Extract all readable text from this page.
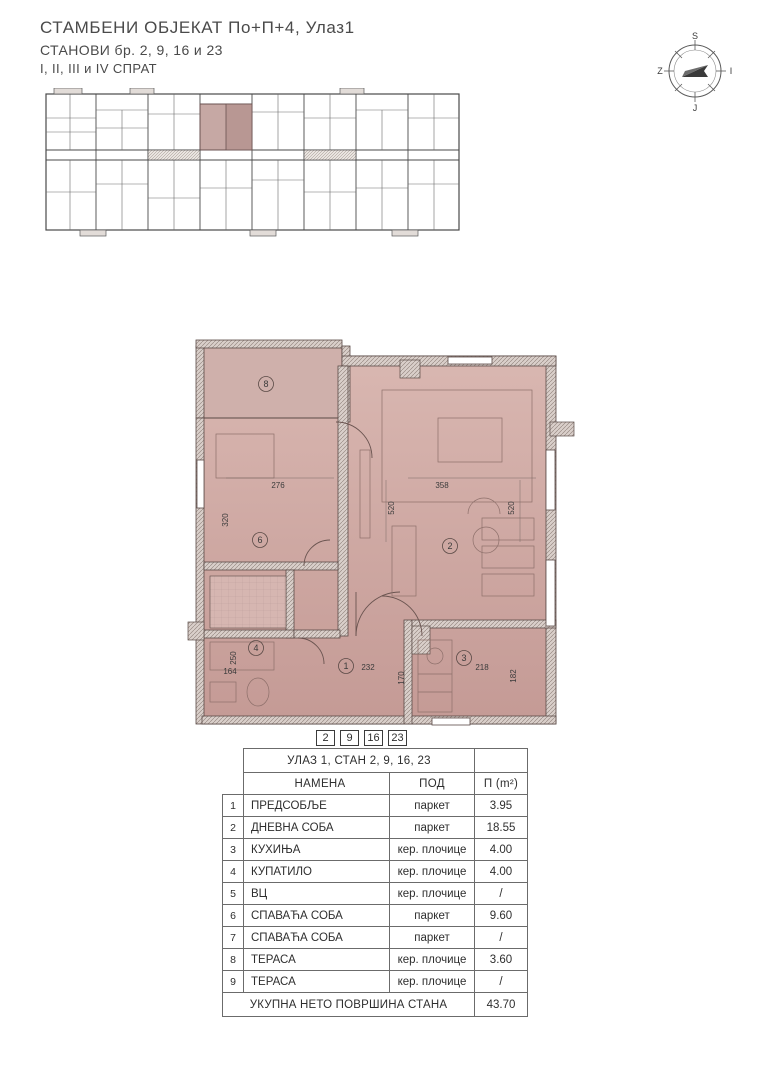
СТАМБЕНИ ОБЈЕКАТ По+П+4, Улаз1
СТАНОВИ бр. 2, 9, 16 и 23
I, II, III и IV СПРАТ
S
I
Z
J
8
6
2
3
4
1
276
320
358
520	520
250
164	232
170
218
182
2	9	16	23
	УЛАЗ 1, СТАН 2, 9, 16, 23		
	НАМЕНА	ПОД	П (m²)
1	ПРЕДСОБЉЕ	паркет	3.95
2	ДНЕВНА СОБА	паркет	18.55
3	КУХИЊА	кер. плочице	4.00
4	КУПАТИЛО	кер. плочице	4.00
5	ВЦ	кер. плочице	/
6	СПАВАЋА СОБА	паркет	9.60
7	СПАВАЋА СОБА	паркет	/
8	ТЕРАСА	кер. плочице	3.60
9	ТЕРАСА	кер. плочице	/
УКУПНА НЕТО ПОВРШИНА СТАНА			43.70
